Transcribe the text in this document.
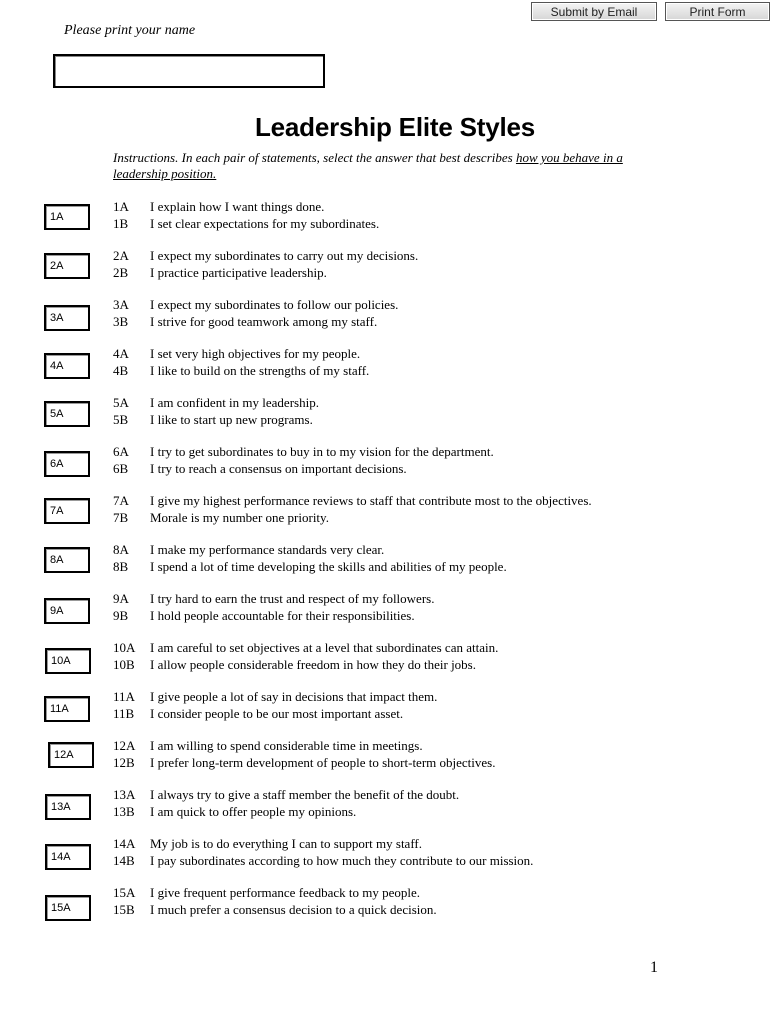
Submit by Email	Print Form
Please print your name
Leadership Elite Styles
Instructions. In each pair of statements, select the answer that best describes how you behave in a leadership position.
1A
1A	I explain how I want things done.
1B	I set clear expectations for my subordinates.
2A
2A	I expect my subordinates to carry out my decisions.
2B	I practice participative leadership.
3A
3A	I expect my subordinates to follow our policies.
3B	I strive for good teamwork among my staff.
4A
4A	I set very high objectives for my people.
4B	I like to build on the strengths of my staff.
5A
5A	I am confident in my leadership.
5B	I like to start up new programs.
6A
6A	I try to get subordinates to buy in to my vision for the department.
6B	I try to reach a consensus on important decisions.
7A
7A	I give my highest performance reviews to staff that contribute most to the objectives.
7B	Morale is my number one priority.
8A
8A	I make my performance standards very clear.
8B	I spend a lot of time developing the skills and abilities of my people.
9A
9A	I try hard to earn the trust and respect of my followers.
9B	I hold people accountable for their responsibilities.
10A
10A	I am careful to set objectives at a level that subordinates can attain.
10B	I allow people considerable freedom in how they do their jobs.
11A
11A	I give people a lot of say in decisions that impact them.
11B	I consider people to be our most important asset.
12A
12A	I am willing to spend considerable time in meetings.
12B	I prefer long-term development of people to short-term objectives.
13A
13A	I always try to give a staff member the benefit of the doubt.
13B	I am quick to offer people my opinions.
14A
14A	My job is to do everything I can to support my staff.
14B	I pay subordinates according to how much they contribute to our mission.
15A
15A	I give frequent performance feedback to my people.
15B	I much prefer a consensus decision to a quick decision.
1
